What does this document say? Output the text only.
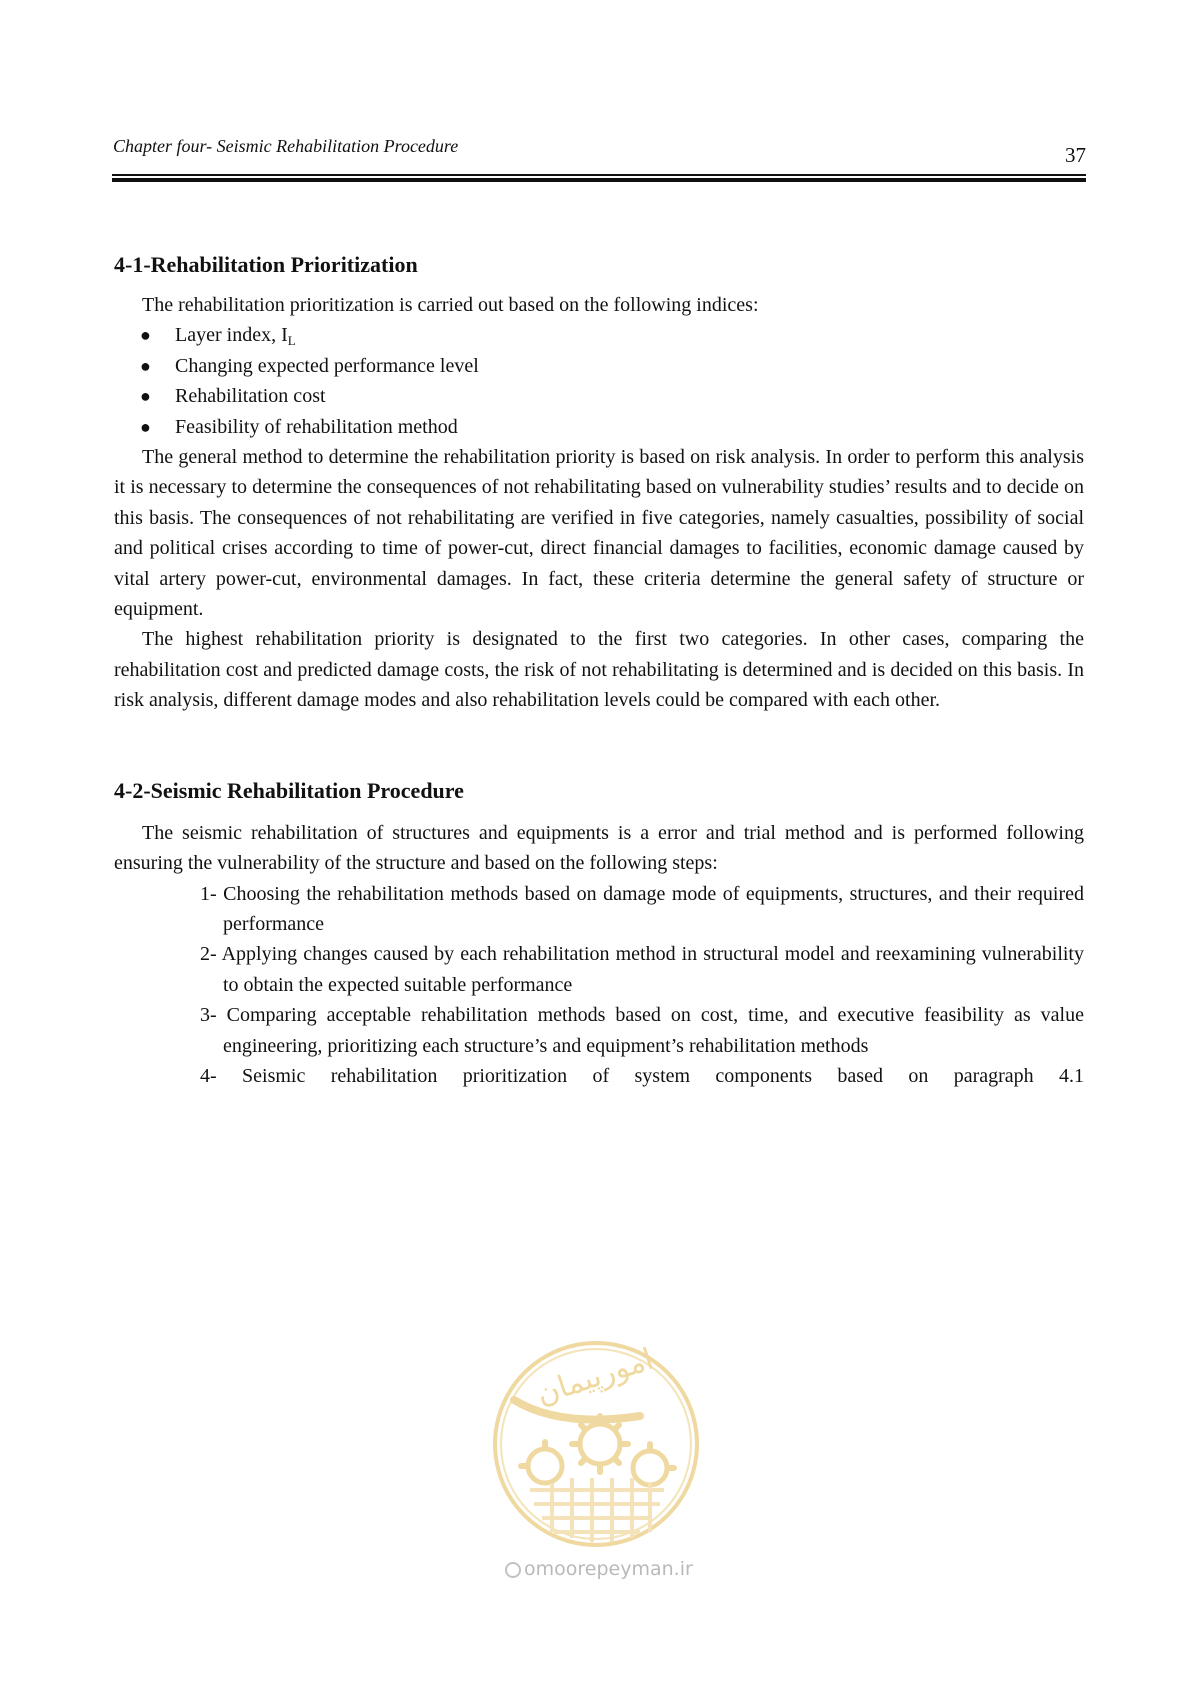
Chapter four- Seismic Rehabilitation Procedure	37
4-1-Rehabilitation Prioritization

The rehabilitation prioritization is carried out based on the following indices:

● Layer index, $I_L$
● Changing expected performance level
● Rehabilitation cost
● Feasibility of rehabilitation method

The general method to determine the rehabilitation priority is based on risk analysis. In order to perform this analysis it is necessary to determine the consequences of not rehabilitating based on vulnerability studies’ results and to decide on this basis. The consequences of not rehabilitating are verified in five categories, namely casualties, possibility of social and political crises according to time of power-cut, direct financial damages to facilities, economic damage caused by vital artery power-cut, environmental damages. In fact, these criteria determine the general safety of structure or equipment.

The highest rehabilitation priority is designated to the first two categories. In other cases, comparing the rehabilitation cost and predicted damage costs, the risk of not rehabilitating is determined and is decided on this basis. In risk analysis, different damage modes and also rehabilitation levels could be compared with each other.

4-2-Seismic Rehabilitation Procedure

The seismic rehabilitation of structures and equipments is a error and trial method and is performed following ensuring the vulnerability of the structure and based on the following steps:

1- Choosing the rehabilitation methods based on damage mode of equipments, structures, and their required performance
2- Applying changes caused by each rehabilitation method in structural model and reexamining vulnerability to obtain the expected suitable performance
3- Comparing acceptable rehabilitation methods based on cost, time, and executive feasibility as value engineering, prioritizing each structure’s and equipment’s rehabilitation methods
4- Seismic rehabilitation prioritization of system components based on paragraph 4.1
امورپیمان
omoorepeyman.ir
